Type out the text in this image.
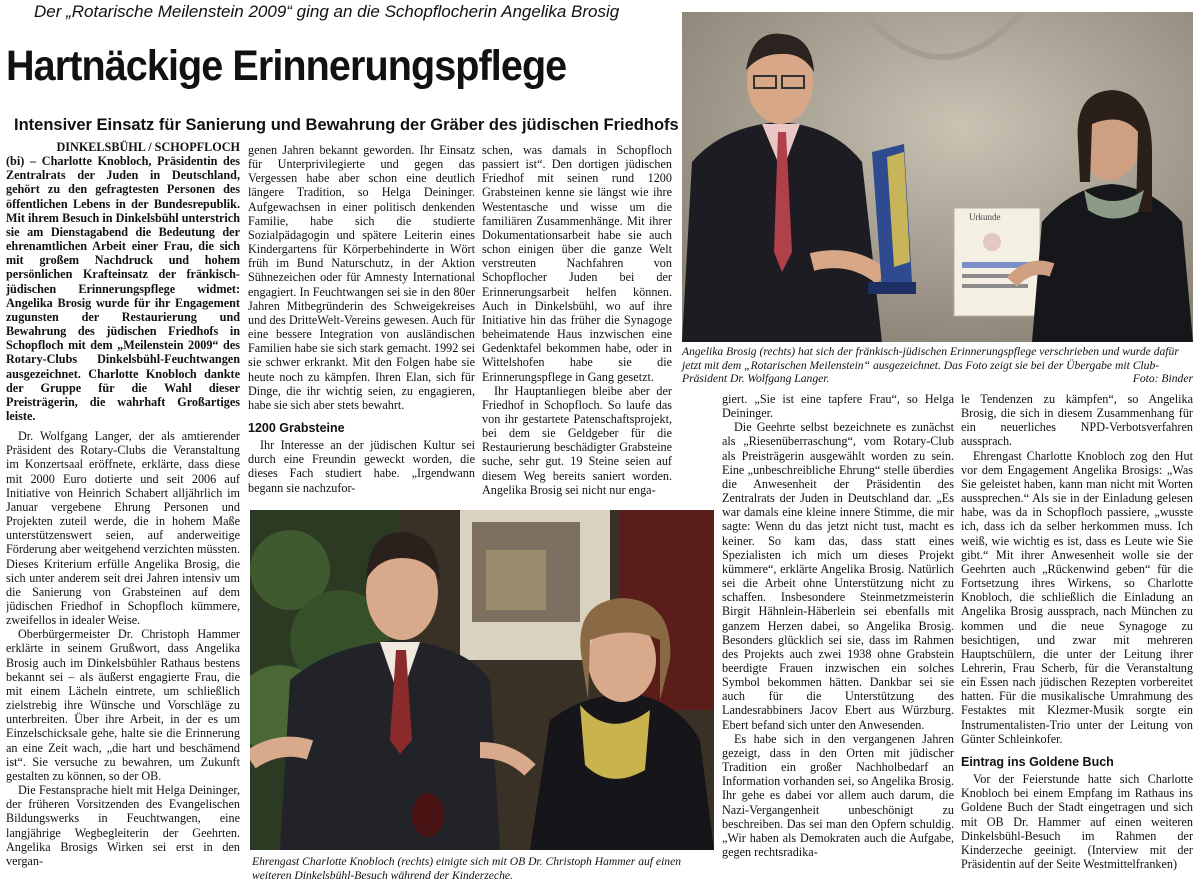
Der „Rotarische Meilenstein 2009“ ging an die Schopflocherin Angelika Brosig
Hartnäckige Erinnerungspflege
Intensiver Einsatz für Sanierung und Bewahrung der Gräber des jüdischen Friedhofs

DINKELSBÜHL / SCHOPFLOCH

(bi) – Charlotte Knobloch, Präsidentin des Zentralrats der Juden in Deutschland, gehört zu den gefragtesten Personen des öffentlichen Lebens in der Bundesrepublik. Mit ihrem Besuch in Dinkelsbühl unterstrich sie am Dienstagabend die Bedeutung der ehrenamtlichen Arbeit einer Frau, die sich mit großem Nachdruck und hohem persönlichen Krafteinsatz der fränkisch-jüdischen Erinnerungspflege widmet: Angelika Brosig wurde für ihr Engagement zugunsten der Restaurierung und Bewahrung des jüdischen Friedhofs in Schopfloch mit dem „Meilenstein 2009“ des Rotary-Clubs Dinkelsbühl-Feuchtwangen ausgezeichnet. Charlotte Knobloch dankte der Gruppe für die Wahl dieser Preisträgerin, die wahrhaft Großartiges leiste.

Dr. Wolfgang Langer, der als amtierender Präsident des Rotary-Clubs die Veranstaltung im Konzertsaal eröffnete, erklärte, dass diese mit 2000 Euro dotierte und seit 2006 auf Initiative von Heinrich Schabert alljährlich im Januar vergebene Ehrung Personen und Projekten zuteil werde, die in hohem Maße unterstützenswert seien, auf anderweitige Förderung aber weitgehend verzichten müssten. Dieses Kriterium erfülle Angelika Brosig, die sich unter anderem seit drei Jahren intensiv um die Sanierung von Grabsteinen auf dem jüdischen Friedhof in Schopfloch kümmere, zweifellos in idealer Weise.

Oberbürgermeister Dr. Christoph Hammer erklärte in seinem Grußwort, dass Angelika Brosig auch im Dinkelsbühler Rathaus bestens bekannt sei – als äußerst engagierte Frau, die mit einem Lächeln eintrete, um schließlich zielstrebig ihre Wünsche und Vorschläge zu unterbreiten. Über ihre Arbeit, in der es um Einzelschicksale gehe, halte sie die Erinnerung an eine Zeit wach, „die hart und beschämend ist“. Sie versuche zu bewahren, um Zukunft gestalten zu können, so der OB.

Die Festansprache hielt mit Helga Deininger, der früheren Vorsitzenden des Evangelischen Bildungswerks in Feuchtwangen, eine langjährige Wegbegleiterin der Geehrten. Angelika Brosigs Wirken sei erst in den vergan-

genen Jahren bekannt geworden. Ihr Einsatz für Unterprivilegierte und gegen das Vergessen habe aber schon eine deutlich längere Tradition, so Helga Deininger. Aufgewachsen in einer politisch denkenden Familie, habe sich die studierte Sozialpädagogin und spätere Leiterin eines Kindergartens für Körperbehinderte in Wört früh im Bund Naturschutz, in der Aktion Sühnezeichen oder für Amnesty International engagiert. In Feuchtwangen sei sie in den 80er Jahren Mitbegründerin des Schweigekreises und des DritteWelt-Vereins gewesen. Auch für eine bessere Integration von ausländischen Familien habe sie sich stark gemacht. 1992 sei sie schwer erkrankt. Mit den Folgen habe sie heute noch zu kämpfen. Ihren Elan, sich für Dinge, die ihr wichtig seien, zu engagieren, habe sie sich aber stets bewahrt.

1200 Grabsteine

Ihr Interesse an der jüdischen Kultur sei durch eine Freundin geweckt worden, die dieses Fach studiert habe. „Irgendwann begann sie nachzufor-

schen, was damals in Schopfloch passiert ist“. Den dortigen jüdischen Friedhof mit seinen rund 1200 Grabsteinen kenne sie längst wie ihre Westentasche und wisse um die familiären Zusammenhänge. Mit ihrer Dokumentationsarbeit habe sie auch schon einigen über die ganze Welt verstreuten Nachfahren von Schopflocher Juden bei der Erinnerungsarbeit helfen können. Auch in Dinkelsbühl, wo auf ihre Initiative hin das früher die Synagoge beheimatende Haus inzwischen eine Gedenktafel bekommen habe, oder in Wittelshofen habe sie die Erinnerungspflege in Gang gesetzt.

Ihr Hauptanliegen bleibe aber der Friedhof in Schopfloch. So laufe das von ihr gestartete Patenschaftsprojekt, bei dem sie Geldgeber für die Restaurierung beschädigter Grabsteine suche, sehr gut. 19 Steine seien auf diesem Weg bereits saniert worden. Angelika Brosig sei nicht nur enga-

giert. „Sie ist eine tapfere Frau“, so Helga Deininger.

Die Geehrte selbst bezeichnete es zunächst als „Riesenüberraschung“, vom Rotary-Club als Preisträgerin ausgewählt worden zu sein. Eine „unbeschreibliche Ehrung“ stelle überdies die Anwesenheit der Präsidentin des Zentralrats der Juden in Deutschland dar. „Es war damals eine kleine innere Stimme, die mir sagte: Wenn du das jetzt nicht tust, macht es keiner. So kam das, dass statt eines Spezialisten ich mich um dieses Projekt kümmere“, erklärte Angelika Brosig. Natürlich sei die Arbeit ohne Unterstützung nicht zu schaffen. Insbesondere Steinmetzmeisterin Birgit Hähnlein-Häberlein sei ebenfalls mit ganzem Herzen dabei, so Angelika Brosig. Besonders glücklich sei sie, dass im Rahmen des Projekts auch zwei 1938 ohne Grabstein beerdigte Frauen inzwischen ein solches Symbol bekommen hätten. Dankbar sei sie auch für die Unterstützung des Landesrabbiners Jacov Ebert aus Würzburg. Ebert befand sich unter den Anwesenden.

Es habe sich in den vergangenen Jahren gezeigt, dass in den Orten mit jüdischer Tradition ein großer Nachholbedarf an Information vorhanden sei, so Angelika Brosig. Ihr gehe es dabei vor allem auch darum, die Nazi-Vergangenheit unbeschönigt zu beschreiben. Das sei man den Opfern schuldig. „Wir haben als Demokraten auch die Aufgabe, gegen rechtsradika-

le Tendenzen zu kämpfen“, so Angelika Brosig, die sich in diesem Zusammenhang für ein neuerliches NPD-Verbotsverfahren aussprach.

Ehrengast Charlotte Knobloch zog den Hut vor dem Engagement Angelika Brosigs: „Was Sie geleistet haben, kann man nicht mit Worten aussprechen.“ Als sie in der Einladung gelesen habe, was da in Schopfloch passiere, „wusste ich, dass ich da selber herkommen muss. Ich weiß, wie wichtig es ist, dass es Leute wie Sie gibt.“ Mit ihrer Anwesenheit wolle sie der Geehrten auch „Rückenwind geben“ für die Fortsetzung ihres Wirkens, so Charlotte Knobloch, die schließlich die Einladung an Angelika Brosig aussprach, nach München zu kommen und die neue Synagoge zu besichtigen, und zwar mit mehreren Hauptschülern, die unter der Leitung ihrer Lehrerin, Frau Scherb, für die Veranstaltung ein Essen nach jüdischen Rezepten vorbereitet hatten. Für die musikalische Umrahmung des Festaktes mit Klezmer-Musik sorgte ein Instrumentalisten-Trio unter der Leitung von Günter Schleinkofer.

Eintrag ins Goldene Buch

Vor der Feierstunde hatte sich Charlotte Knobloch bei einem Empfang im Rathaus ins Goldene Buch der Stadt eingetragen und sich mit OB Dr. Hammer auf einen weiteren Dinkelsbühl-Besuch im Rahmen der Kinderzeche geeinigt. (Interview mit der Präsidentin auf der Seite Westmittelfranken)

Urkunde
Angelika Brosig (rechts) hat sich der fränkisch-jüdischen Erinnerungspflege verschrieben und wurde dafür jetzt mit dem „Rotarischen Meilenstein“ ausgezeichnet. Das Foto zeigt sie bei der Übergabe mit Club-Präsident Dr. Wolfgang Langer.	Foto: Binder
Ehrengast Charlotte Knobloch (rechts) einigte sich mit OB Dr. Christoph Hammer auf einen weiteren Dinkelsbühl-Besuch während der Kinderzeche.
